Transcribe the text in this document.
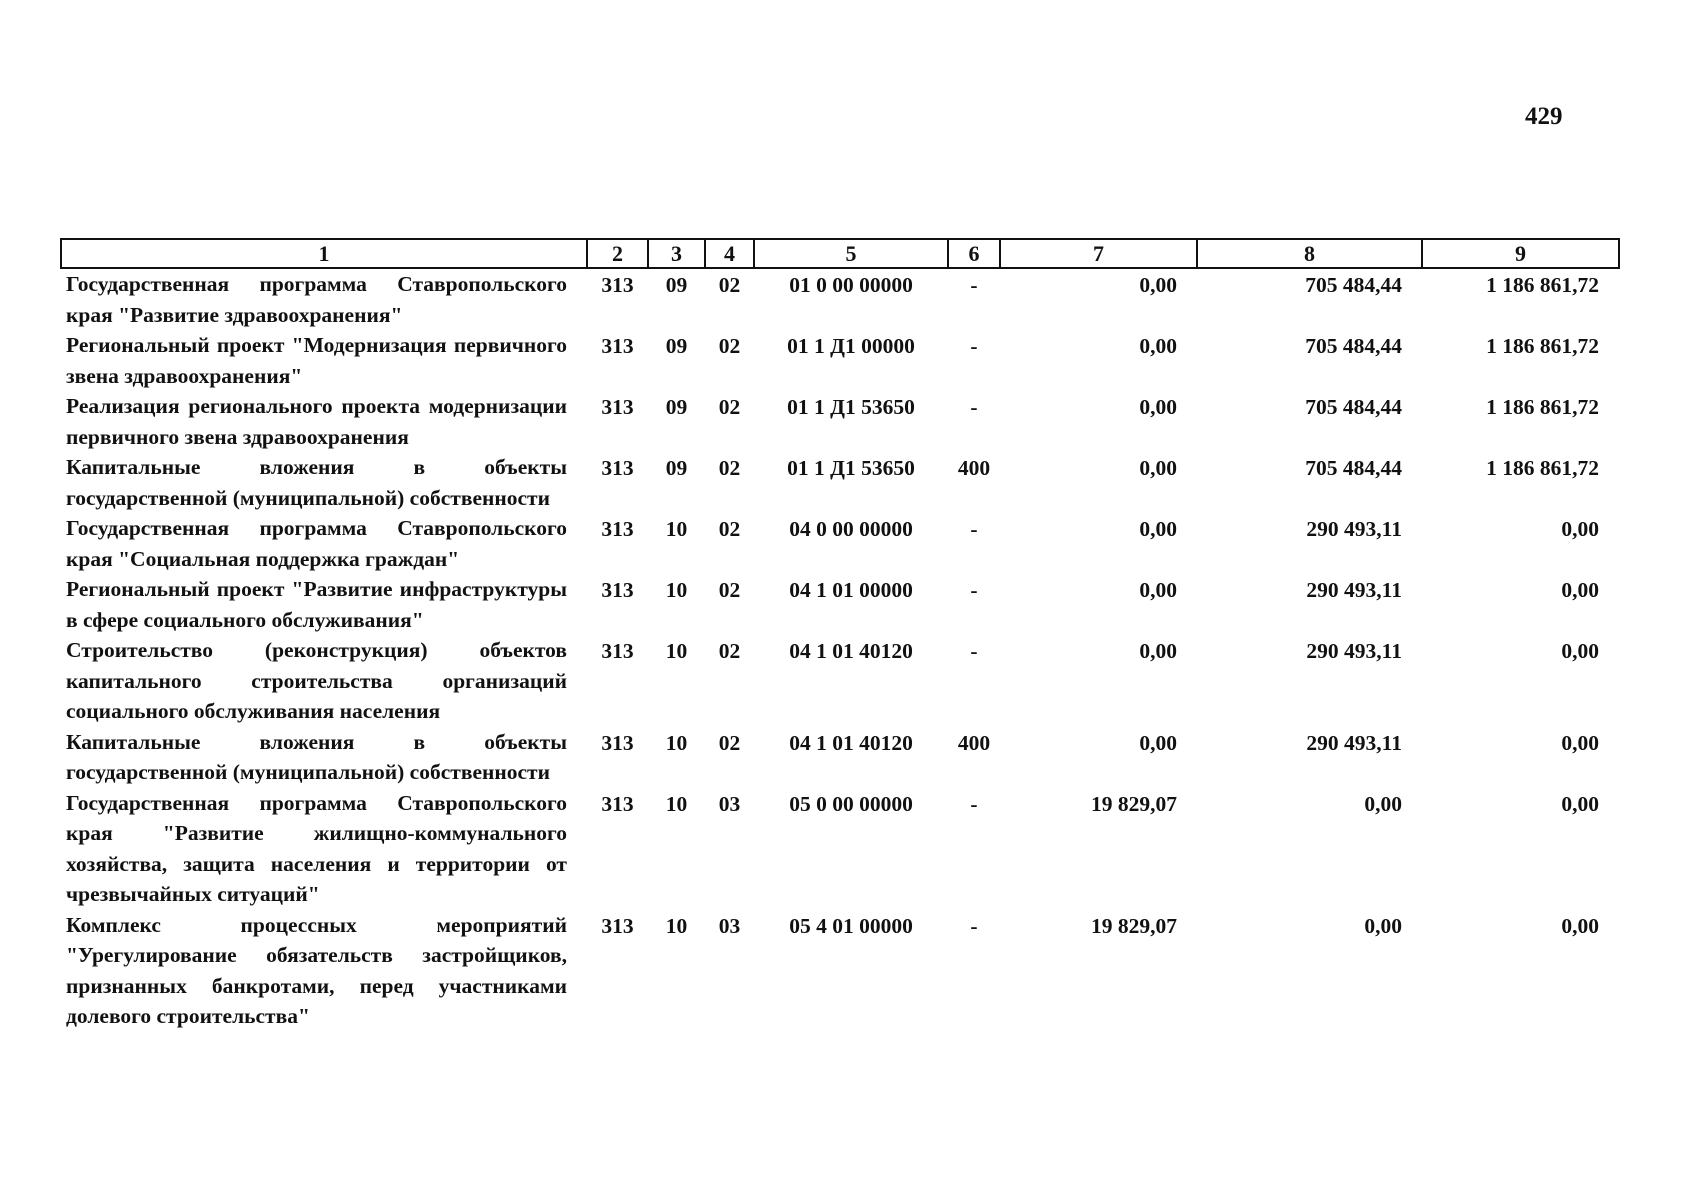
429
1	2	3	4	5	6	7	8	9
Государственная программа Ставропольского края "Развитие здравоохранения"	313	09	02	01 0 00 00000	-	0,00	705 484,44	1 186 861,72
Региональный проект "Модернизация первичного звена здравоохранения"	313	09	02	01 1 Д1 00000	-	0,00	705 484,44	1 186 861,72
Реализация регионального проекта модернизации первичного звена здравоохранения	313	09	02	01 1 Д1 53650	-	0,00	705 484,44	1 186 861,72
Капитальные вложения в объекты государственной (муниципальной) собственности	313	09	02	01 1 Д1 53650	400	0,00	705 484,44	1 186 861,72
Государственная программа Ставропольского края "Социальная поддержка граждан"	313	10	02	04 0 00 00000	-	0,00	290 493,11	0,00
Региональный проект "Развитие инфраструктуры в сфере социального обслуживания"	313	10	02	04 1 01 00000	-	0,00	290 493,11	0,00
Строительство (реконструкция) объектов капитального строительства организаций социального обслуживания населения	313	10	02	04 1 01 40120	-	0,00	290 493,11	0,00
Капитальные вложения в объекты государственной (муниципальной) собственности	313	10	02	04 1 01 40120	400	0,00	290 493,11	0,00
Государственная программа Ставропольского края "Развитие жилищно-коммунального хозяйства, защита населения и территории от чрезвычайных ситуаций"	313	10	03	05 0 00 00000	-	19 829,07	0,00	0,00
Комплекс процессных мероприятий "Урегулирование обязательств застройщиков, признанных банкротами, перед участниками долевого строительства"	313	10	03	05 4 01 00000	-	19 829,07	0,00	0,00
